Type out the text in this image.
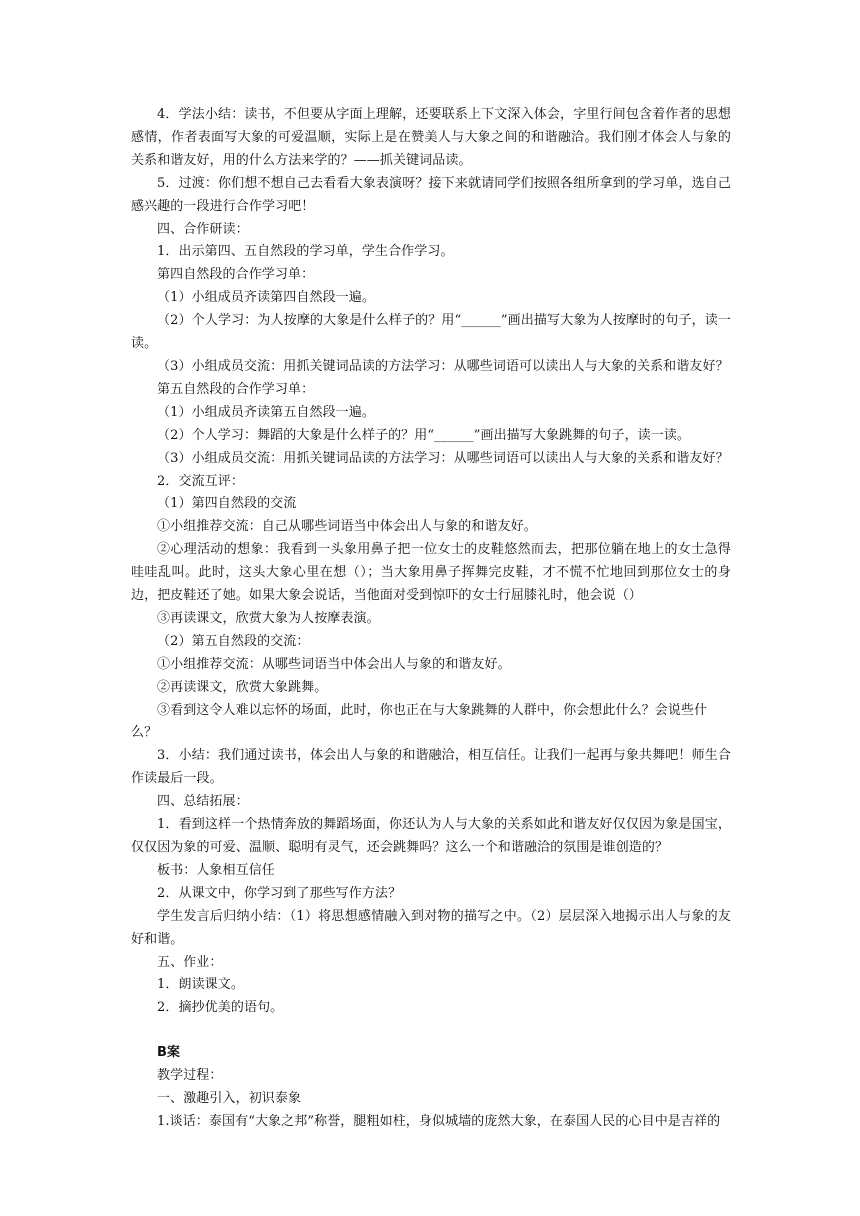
4．学法小结：读书，不但要从字面上理解，还要联系上下文深入体会，字里行间包含着作者的思想感情，作者表面写大象的可爱温顺，实际上是在赞美人与大象之间的和谐融洽。我们刚才体会人与象的关系和谐友好，用的什么方法来学的？——抓关键词品读。

5．过渡：你们想不想自己去看看大象表演呀？接下来就请同学们按照各组所拿到的学习单，选自己感兴趣的一段进行合作学习吧！

四、合作研读：

1．出示第四、五自然段的学习单，学生合作学习。

第四自然段的合作学习单：

（1）小组成员齐读第四自然段一遍。

（2）个人学习：为人按摩的大象是什么样子的？用“______”画出描写大象为人按摩时的句子，读一读。

（3）小组成员交流：用抓关键词品读的方法学习：从哪些词语可以读出人与大象的关系和谐友好？

第五自然段的合作学习单：

（1）小组成员齐读第五自然段一遍。

（2）个人学习：舞蹈的大象是什么样子的？用“______”画出描写大象跳舞的句子，读一读。

（3）小组成员交流：用抓关键词品读的方法学习：从哪些词语可以读出人与大象的关系和谐友好？

2．交流互评：

（1）第四自然段的交流

①小组推荐交流：自己从哪些词语当中体会出人与象的和谐友好。

②心理活动的想象：我看到一头象用鼻子把一位女士的皮鞋悠然而去，把那位躺在地上的女士急得哇哇乱叫。此时，这头大象心里在想（）；当大象用鼻子挥舞完皮鞋，才不慌不忙地回到那位女士的身边，把皮鞋还了她。如果大象会说话，当他面对受到惊吓的女士行屈膝礼时，他会说（）

③再读课文，欣赏大象为人按摩表演。

（2）第五自然段的交流：

①小组推荐交流：从哪些词语当中体会出人与象的和谐友好。

②再读课文，欣赏大象跳舞。

③看到这令人难以忘怀的场面，此时，你也正在与大象跳舞的人群中，你会想此什么？会说些什么？

3．小结：我们通过读书，体会出人与象的和谐融洽，相互信任。让我们一起再与象共舞吧！师生合作读最后一段。

四、总结拓展：

1．看到这样一个热情奔放的舞蹈场面，你还认为人与大象的关系如此和谐友好仅仅因为象是国宝，仅仅因为象的可爱、温顺、聪明有灵气，还会跳舞吗？这么一个和谐融洽的氛围是谁创造的？

板书：人象相互信任

2．从课文中，你学习到了那些写作方法？

学生发言后归纳小结：（1）将思想感情融入到对物的描写之中。（2）层层深入地揭示出人与象的友好和谐。

五、作业：

1．朗读课文。

2．摘抄优美的语句。

B案

教学过程：

一、激趣引入，初识泰象

1.谈话：泰国有“大象之邦”称誉，腿粗如柱，身似城墙的庞然大象，在泰国人民的心目中是吉祥的
